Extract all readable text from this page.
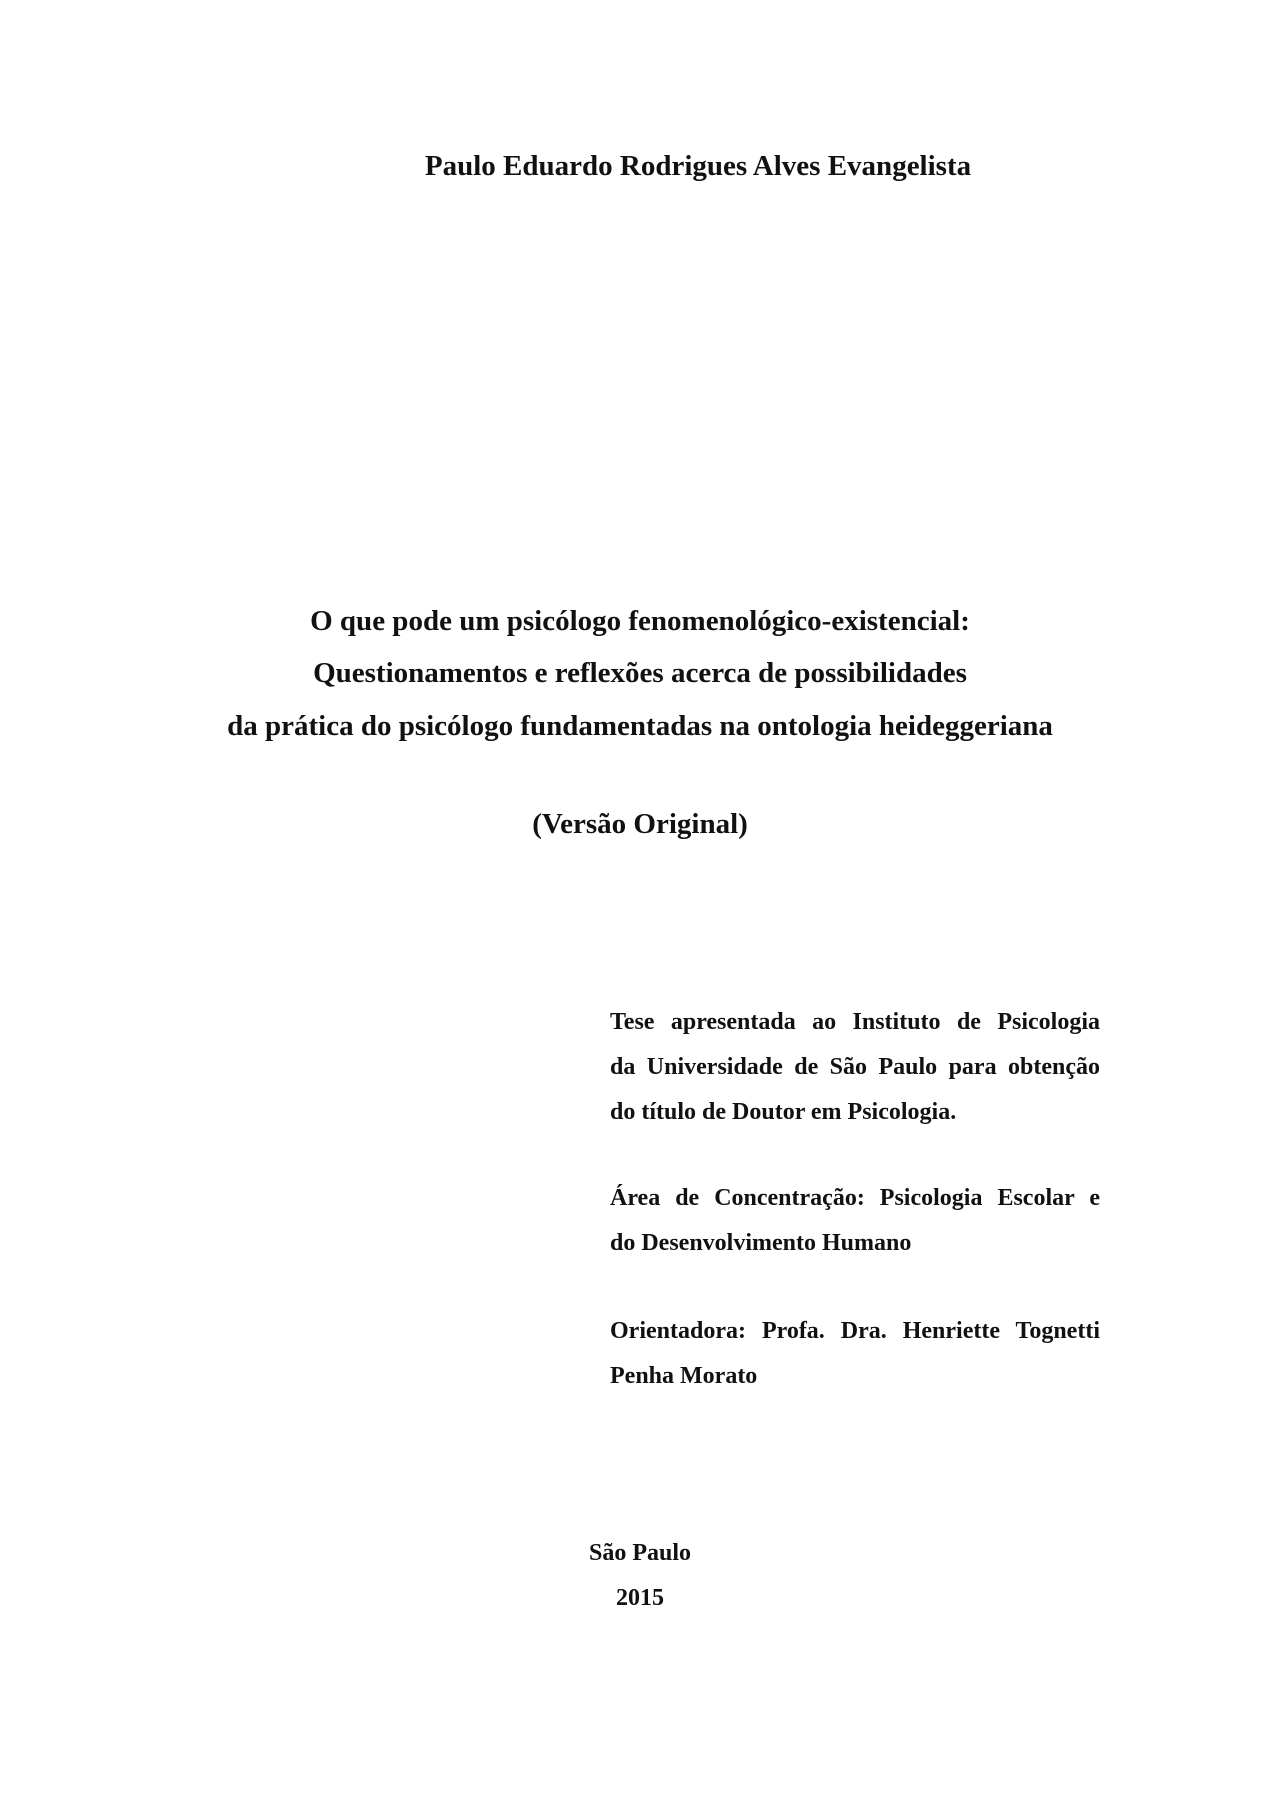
Paulo Eduardo Rodrigues Alves Evangelista
O que pode um psicólogo fenomenológico-existencial:
Questionamentos e reflexões acerca de possibilidades
da prática do psicólogo fundamentadas na ontologia heideggeriana
(Versão Original)
Tese apresentada ao Instituto de Psicologia
da Universidade de São Paulo para obtenção
do título de Doutor em Psicologia.
Área de Concentração: Psicologia Escolar e
do Desenvolvimento Humano
Orientadora: Profa. Dra. Henriette Tognetti
Penha Morato
São Paulo
2015
